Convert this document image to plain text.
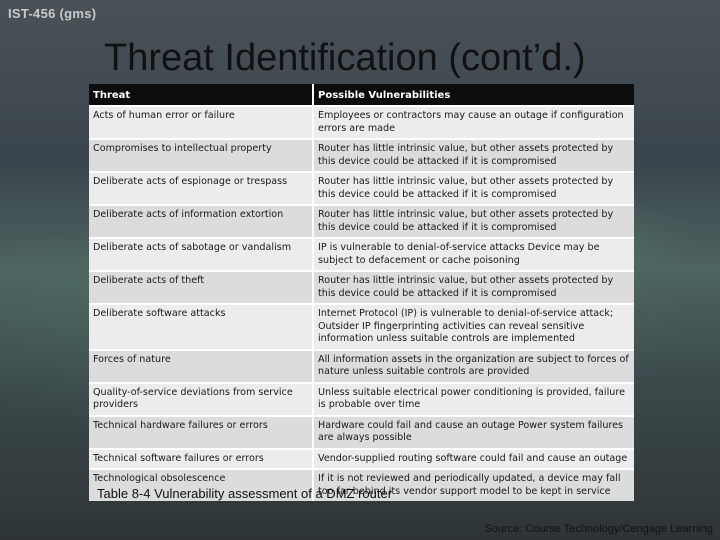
IST-456 (gms)
Threat Identification (cont’d.)
Threat	Possible Vulnerabilities
Acts of human error or failure	Employees or contractors may cause an outage if configuration errors are made
Compromises to intellectual property	Router has little intrinsic value, but other assets protected by this device could be attacked if it is compromised
Deliberate acts of espionage or trespass	Router has little intrinsic value, but other assets protected by this device could be attacked if it is compromised
Deliberate acts of information extortion	Router has little intrinsic value, but other assets protected by this device could be attacked if it is compromised
Deliberate acts of sabotage or vandalism	IP is vulnerable to denial-of-service attacks Device may be subject to defacement or cache poisoning
Deliberate acts of theft	Router has little intrinsic value, but other assets protected by this device could be attacked if it is compromised
Deliberate software attacks	Internet Protocol (IP) is vulnerable to denial-of-service attack; Outsider IP fingerprinting activities can reveal sensitive information unless suitable controls are implemented
Forces of nature	All information assets in the organization are subject to forces of nature unless suitable controls are provided
Quality-of-service deviations from service providers	Unless suitable electrical power conditioning is provided, failure is probable over time
Technical hardware failures or errors	Hardware could fail and cause an outage Power system failures are always possible
Technical software failures or errors	Vendor-supplied routing software could fail and cause an outage
Technological obsolescence	If it is not reviewed and periodically updated, a device may fall too far behind its vendor support model to be kept in service
Table 8-4 Vulnerability assessment of a DMZ router
Source: Course Technology/Cengage Learning
